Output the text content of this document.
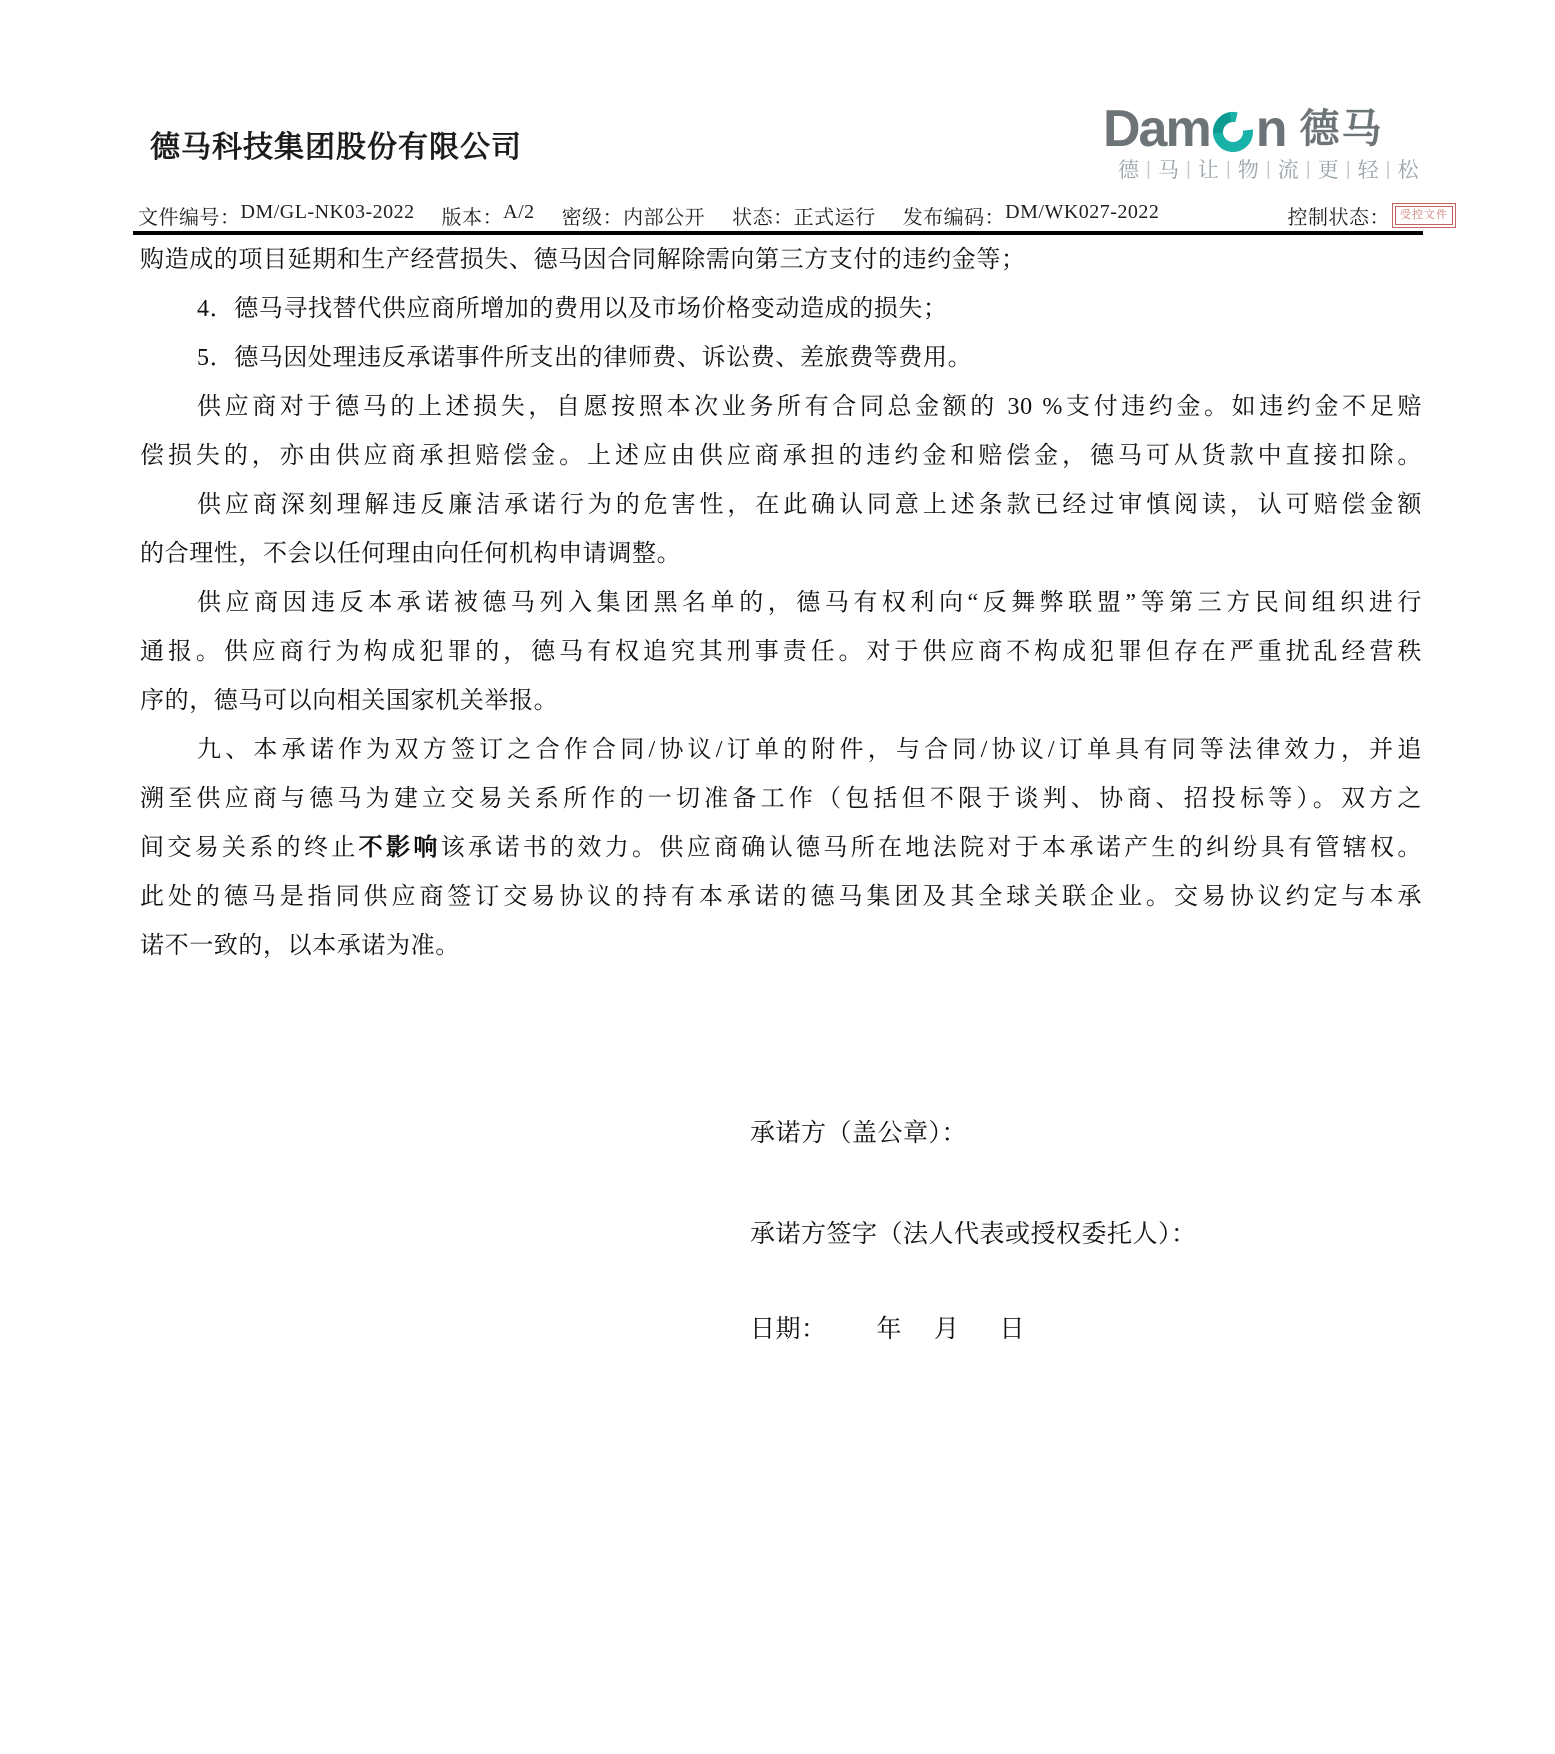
德马科技集团股份有限公司	Dam n 德马
德 | 马 | 让 | 物 | 流 | 更 | 轻 | 松
文件编号： DM/GL-NK03-2022 版本： A/2 密级： 内部公开 状态： 正式运行 发布编码： DM/WK027-2022	控制状态： 受控文件
购造成的项目延期和生产经营损失、德马因合同解除需向第三方支付的违约金等；
4．德马寻找替代供应商所增加的费用以及市场价格变动造成的损失；
5．德马因处理违反承诺事件所支出的律师费、诉讼费、差旅费等费用。
供应商对于德马的上述损失，自愿按照本次业务所有合同总金额的 30 %支付违约金。如违约金不足赔
偿损失的，亦由供应商承担赔偿金。上述应由供应商承担的违约金和赔偿金，德马可从货款中直接扣除。
供应商深刻理解违反廉洁承诺行为的危害性，在此确认同意上述条款已经过审慎阅读，认可赔偿金额
的合理性，不会以任何理由向任何机构申请调整。
供应商因违反本承诺被德马列入集团黑名单的，德马有权利向“反舞弊联盟”等第三方民间组织进行
通报。供应商行为构成犯罪的，德马有权追究其刑事责任。对于供应商不构成犯罪但存在严重扰乱经营秩
序的，德马可以向相关国家机关举报。
九、本承诺作为双方签订之合作合同/协议/订单的附件，与合同/协议/订单具有同等法律效力，并追
溯至供应商与德马为建立交易关系所作的一切准备工作（包括但不限于谈判、协商、招投标等）。双方之
间交易关系的终止不影响该承诺书的效力。供应商确认德马所在地法院对于本承诺产生的纠纷具有管辖权。
此处的德马是指同供应商签订交易协议的持有本承诺的德马集团及其全球关联企业。交易协议约定与本承
诺不一致的，以本承诺为准。
承诺方（盖公章）：
承诺方签字（法人代表或授权委托人）：
日期： 年 月 日
